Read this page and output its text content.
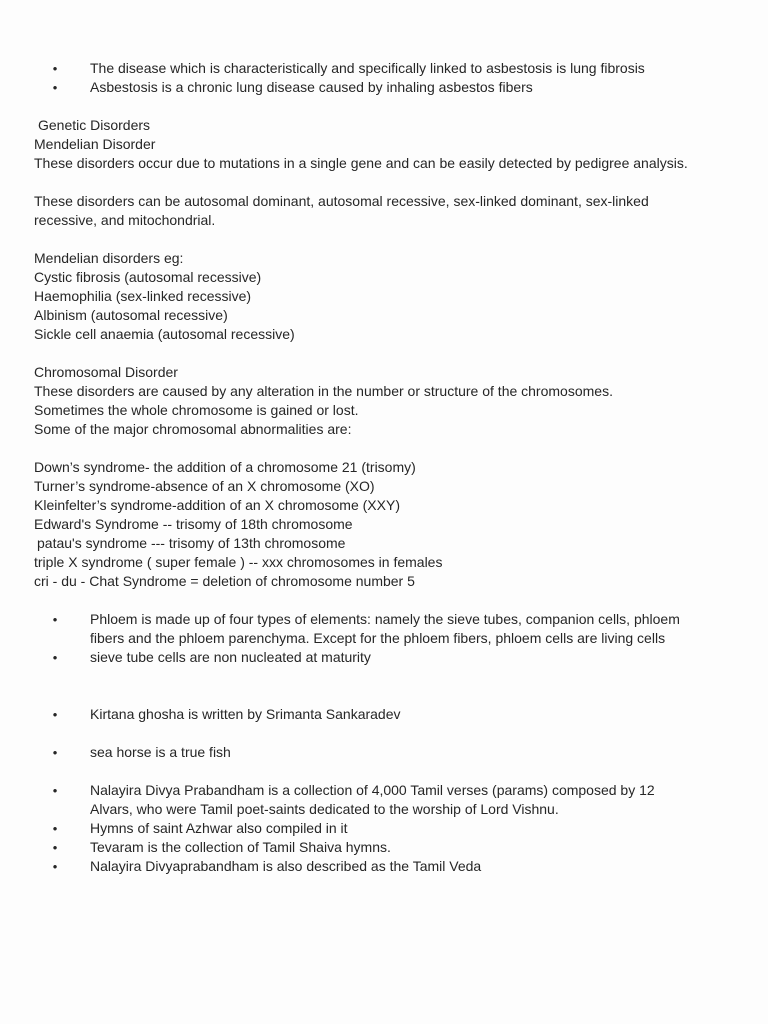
• The disease which is characteristically and specifically linked to asbestosis is lung fibrosis
• Asbestosis is a chronic lung disease caused by inhaling asbestos fibers
Genetic Disorders
Mendelian Disorder
These disorders occur due to mutations in a single gene and can be easily detected by pedigree analysis.
These disorders can be autosomal dominant, autosomal recessive, sex-linked dominant, sex-linked
recessive, and mitochondrial.
Mendelian disorders eg:
Cystic fibrosis (autosomal recessive)
Haemophilia (sex-linked recessive)
Albinism (autosomal recessive)
Sickle cell anaemia (autosomal recessive)
Chromosomal Disorder
These disorders are caused by any alteration in the number or structure of the chromosomes.
Sometimes the whole chromosome is gained or lost.
Some of the major chromosomal abnormalities are:
Down’s syndrome- the addition of a chromosome 21 (trisomy)
Turner’s syndrome-absence of an X chromosome (XO)
Kleinfelter’s syndrome-addition of an X chromosome (XXY)
Edward's Syndrome -- trisomy of 18th chromosome
patau's syndrome --- trisomy of 13th chromosome
triple X syndrome ( super female ) -- xxx chromosomes in females
cri - du - Chat Syndrome = deletion of chromosome number 5
• Phloem is made up of four types of elements: namely the sieve tubes, companion cells, phloem
fibers and the phloem parenchyma. Except for the phloem fibers, phloem cells are living cells
• sieve tube cells are non nucleated at maturity
• Kirtana ghosha is written by Srimanta Sankaradev
• sea horse is a true fish
• Nalayira Divya Prabandham is a collection of 4,000 Tamil verses (params) composed by 12
Alvars, who were Tamil poet-saints dedicated to the worship of Lord Vishnu.
• Hymns of saint Azhwar also compiled in it
• Tevaram is the collection of Tamil Shaiva hymns.
• Nalayira Divyaprabandham is also described as the Tamil Veda
